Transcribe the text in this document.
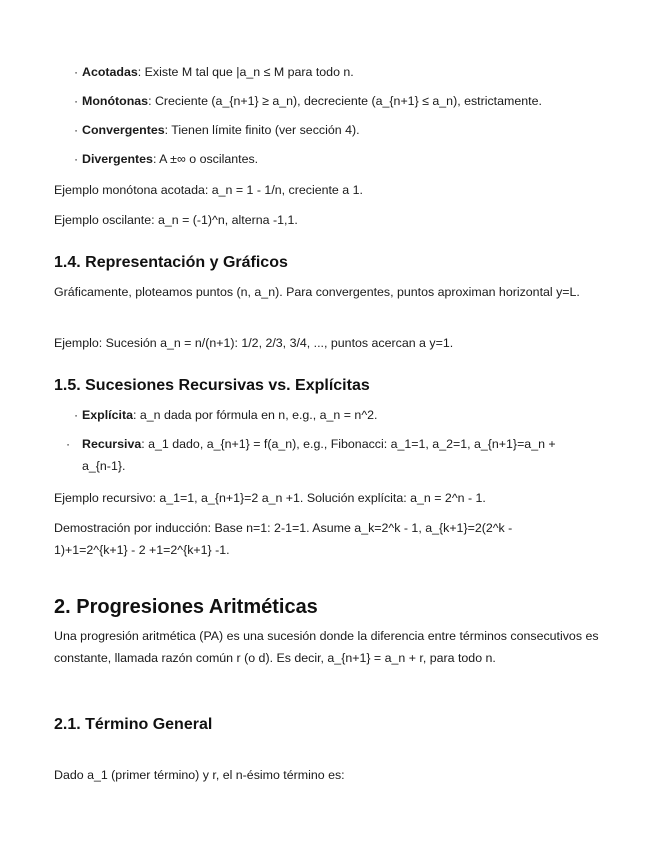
· Acotadas: Existe M tal que |a_n ≤ M para todo n.
· Monótonas: Creciente (a_{n+1} ≥ a_n), decreciente (a_{n+1} ≤ a_n), estrictamente.
· Convergentes: Tienen límite finito (ver sección 4).
· Divergentes: A ±∞ o oscilantes.
Ejemplo monótona acotada: a_n = 1 - 1/n, creciente a 1.
Ejemplo oscilante: a_n = (-1)^n, alterna -1,1.
1.4. Representación y Gráficos
Gráficamente, ploteamos puntos (n, a_n). Para convergentes, puntos aproximan horizontal y=L.
Ejemplo: Sucesión a_n = n/(n+1): 1/2, 2/3, 3/4, ..., puntos acercan a y=1.
1.5. Sucesiones Recursivas vs. Explícitas
· Explícita: a_n dada por fórmula en n, e.g., a_n = n^2.
· Recursiva: a_1 dado, a_{n+1} = f(a_n), e.g., Fibonacci: a_1=1, a_2=1, a_{n+1}=a_n + a_{n-1}.
Ejemplo recursivo: a_1=1, a_{n+1}=2 a_n +1. Solución explícita: a_n = 2^n - 1.
Demostración por inducción: Base n=1: 2-1=1. Asume a_k=2^k - 1, a_{k+1}=2(2^k - 1)+1=2^{k+1} - 2 +1=2^{k+1} -1.
2. Progresiones Aritméticas
Una progresión aritmética (PA) es una sucesión donde la diferencia entre términos consecutivos es constante, llamada razón común r (o d). Es decir, a_{n+1} = a_n + r, para todo n.
2.1. Término General
Dado a_1 (primer término) y r, el n-ésimo término es:
